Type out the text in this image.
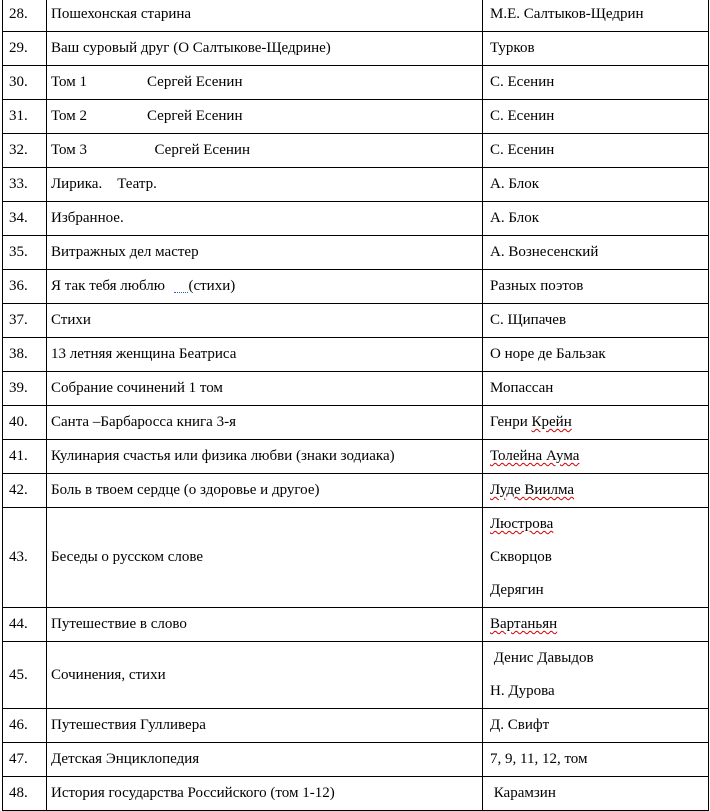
28.	Пошехонская старина	М.Е. Салтыков-Щедрин

29.	Ваш суровый друг (О Салтыкове-Щедрине)	Турков

30.	Том 1                Сергей Есенин	С. Есенин

31.	Том 2                Сергей Есенин	С. Есенин

32.	Том 3                  Сергей Есенин	С. Есенин

33.	Лирика.    Театр.	А. Блок

34.	Избранное.	А. Блок

35.	Витражных дел мастер	А. Вознесенский

36.	Я так тебя люблю  (стихи)	Разных поэтов

37.	Стихи	С. Щипачев

38.	13 летняя женщина Беатриса	О норе де Бальзак

39.	Собрание сочинений 1 том	Мопассан

40.	Санта –Барбаросса книга 3-я	Генри Крейн

41.	Кулинария счастья или физика любви (знаки зодиака)	Толейна Аума

42.	Боль в твоем сердце (о здоровье и другое)	Луде Виилма

43.	Беседы о русском слове	Люстрова
Скворцов
Дерягин

44.	Путешествие в слово	Вартаньян

45.	Сочинения, стихи	Денис Давыдов
Н. Дурова

46.	Путешествия Гулливера	Д. Свифт

47.	Детская Энциклопедия	7, 9, 11, 12, том

48.	История государства Российского (том 1-12)	Карамзин
